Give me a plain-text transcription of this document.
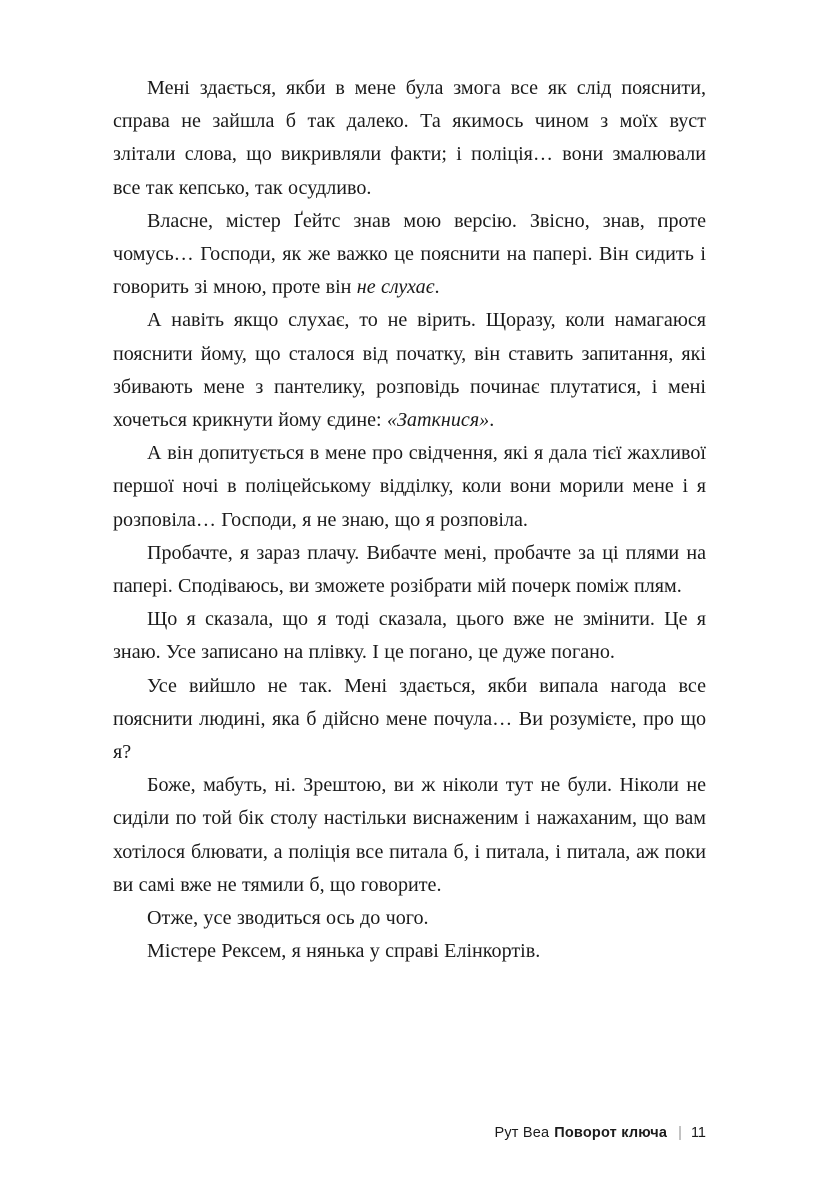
Мені здається, якби в мене була змога все як слід пояснити, справа не зайшла б так далеко. Та якимось чином з моїх вуст злітали слова, що викривляли факти; і поліція… вони змалювали все так кепсько, так осудливо.

Власне, містер Ґейтс знав мою версію. Звісно, знав, проте чомусь… Господи, як же важко це пояснити на папері. Він сидить і говорить зі мною, проте він не слухає.

А навіть якщо слухає, то не вірить. Щоразу, коли намагаюся пояснити йому, що сталося від початку, він ставить запитання, які збивають мене з пантелику, розповідь починає плутатися, і мені хочеться крикнути йому єдине: «Заткнися».

А він допитується в мене про свідчення, які я дала тієї жахливої першої ночі в поліцейському відділку, коли вони морили мене і я розповіла… Господи, я не знаю, що я розповіла.

Пробачте, я зараз плачу. Вибачте мені, пробачте за ці плями на папері. Сподіваюсь, ви зможете розібрати мій почерк поміж плям.

Що я сказала, що я тоді сказала, цього вже не змінити. Це я знаю. Усе записано на плівку. І це погано, це дуже погано.

Усе вийшло не так. Мені здається, якби випала нагода все пояснити людині, яка б дійсно мене почула… Ви розумієте, про що я?

Боже, мабуть, ні. Зрештою, ви ж ніколи тут не були. Ніколи не сиділи по той бік столу настільки виснаженим і нажаханим, що вам хотілося блювати, а поліція все питала б, і питала, і питала, аж поки ви самі вже не тямили б, що говорите.

Отже, усе зводиться ось до чого.

Містере Рексем, я нянька у справі Елінкортів.

Рут Веа Поворот ключа | 11
